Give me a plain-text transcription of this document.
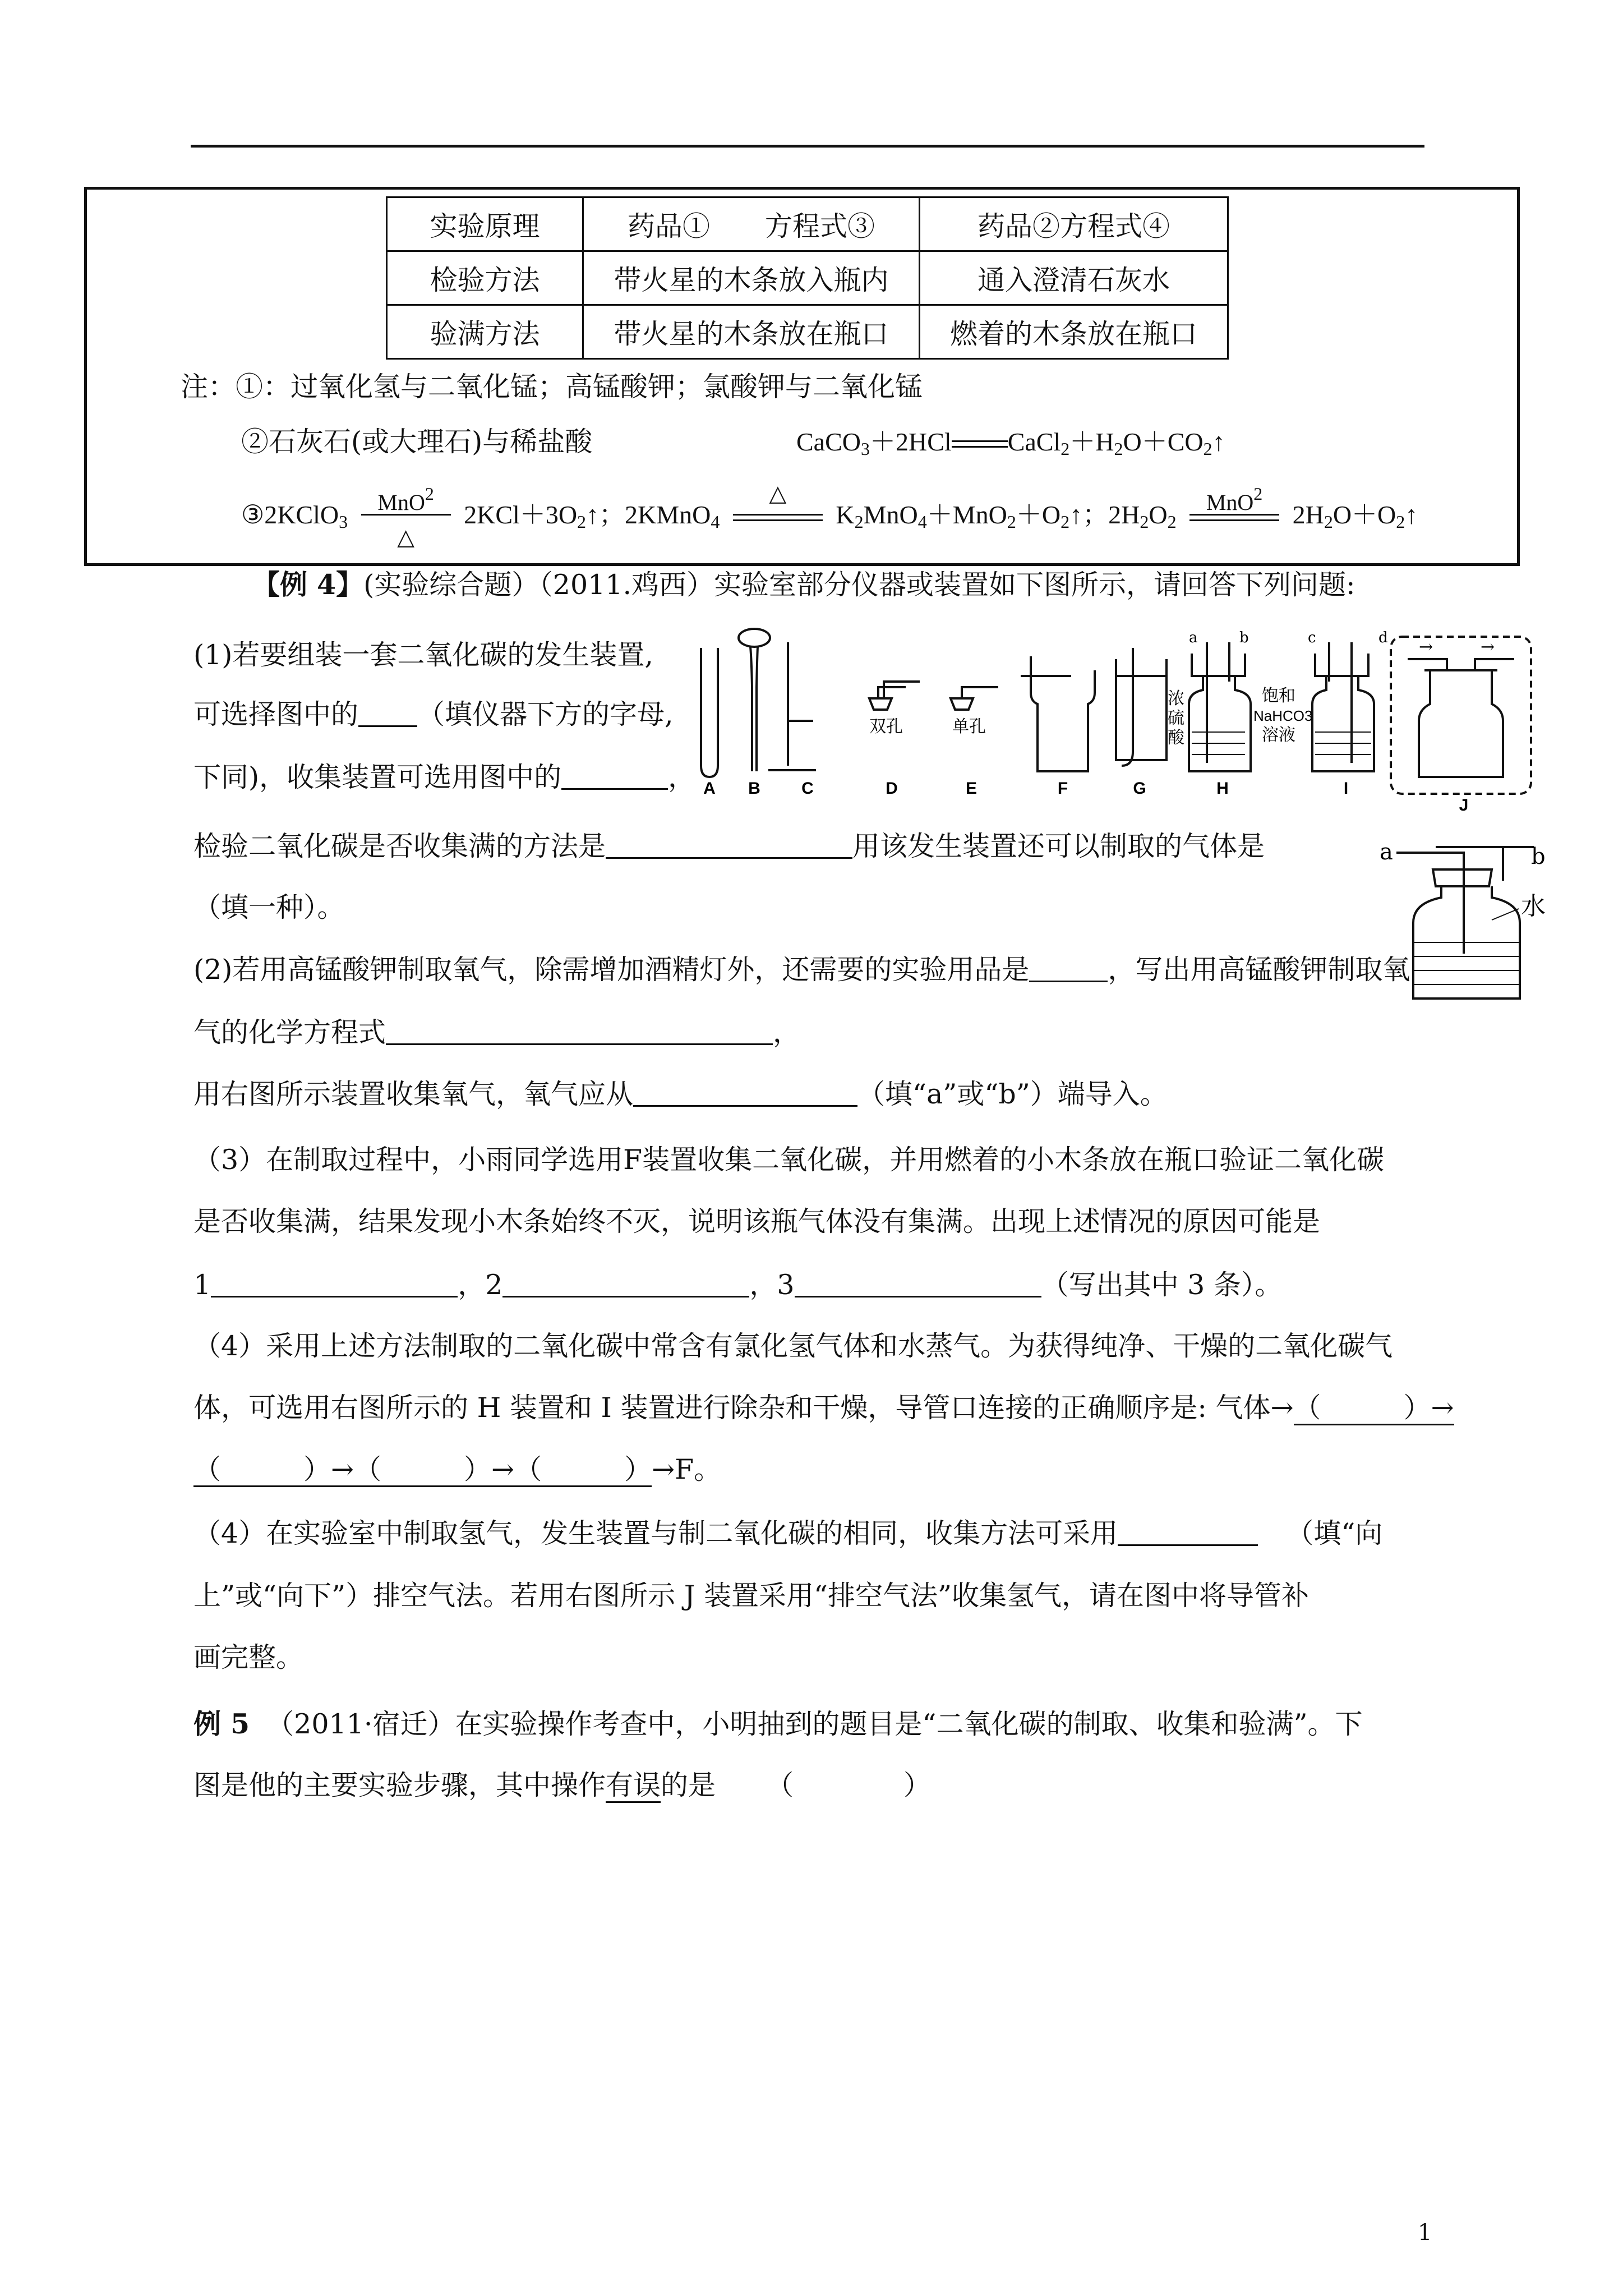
实验原理	药品①　　方程式③	药品②方程式④
检验方法	带火星的木条放入瓶内	通入澄清石灰水
验满方法	带火星的木条放在瓶口	燃着的木条放在瓶口
注：①：过氧化氢与二氧化锰；高锰酸钾；氯酸钾与二氧化锰
②石灰石(或大理石)与稀盐酸	CaCO$_3$＋2HCl $CaCl_2+H_2O+CO_2↑$
③2KClO$_3$
MnO$^2$
△
$2KCl+3O_2↑$；2KMnO$_4$
△
$K_2MnO_4+MnO_2+O_2↑$；$2H_2O_2$
MnO$^2$
$2H_2O+O_2↑$
【例 4】(实验综合题）（2011.鸡西）实验室部分仪器或装置如下图所示，请回答下列问题:
(1)若要组装一套二氧化碳的发生装置,
可选择图中的 （填仪器下方的字母,
下同)，收集装置可选用图中的	，
检验二氧化碳是否收集满的方法是	用该发生装置还可以制取的气体是
（填一种）。
(2)若用高锰酸钾制取氧气，除需增加酒精灯外，还需要的实验用品是	，写出用高锰酸钾制取氧
气的化学方程式	，
用右图所示装置收集氧气，氧气应从	（填“a”或“b”）端导入。
（3）在制取过程中，小雨同学选用F装置收集二氧化碳，并用燃着的小木条放在瓶口验证二氧化碳
是否收集满，结果发现小木条始终不灭，说明该瓶气体没有集满。出现上述情况的原因可能是
1	，2	，3	（写出其中 3 条）。
（4）采用上述方法制取的二氧化碳中常含有氯化氢气体和水蒸气。为获得纯净、干燥的二氧化碳气
体，可选用右图所示的 H 装置和 I 装置进行除杂和干燥，导管口连接的正确顺序是: 气体→（　　　）→
（　　　）→（　　　）→（　　　）→F。
（4）在实验室中制取氢气，发生装置与制二氧化碳的相同，收集方法可采用	（填“向
上”或“向下”）排空气法。若用右图所示 J 装置采用“排空气法”收集氢气，请在图中将导管补
画完整。
例 5 （2011·宿迁）在实验操作考查中，小明抽到的题目是“二氧化碳的制取、收集和验满”。下
图是他的主要实验步骤，其中操作有误的是 （　　　　）
→	→
双孔	单孔
浓
硫
酸
饱和
NaHCO3
溶液
a	b	c	d
A B C	D	E	F	G	H	I
J
a	b
水
1
